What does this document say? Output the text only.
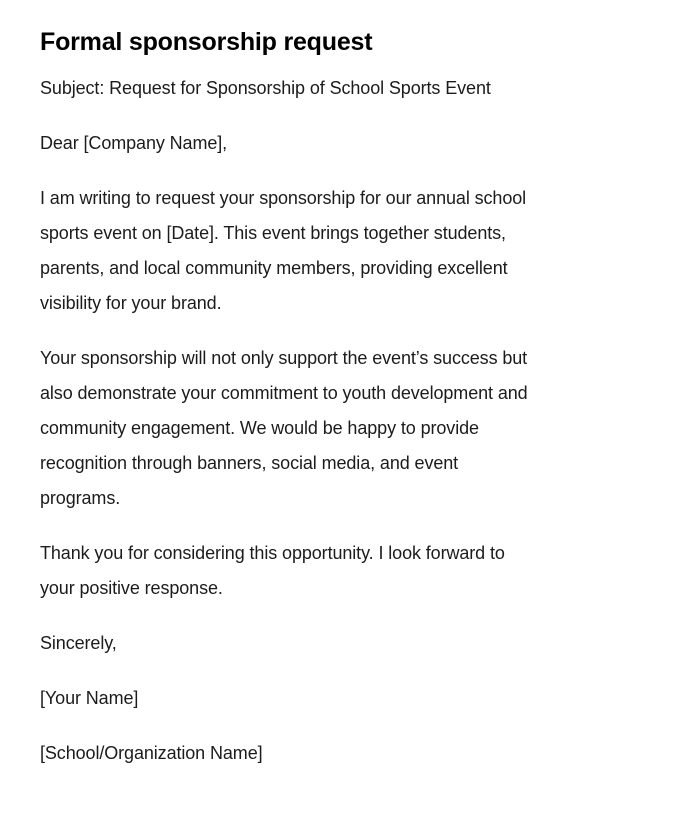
Formal sponsorship request
Subject: Request for Sponsorship of School Sports Event
Dear [Company Name],
I am writing to request your sponsorship for our annual school
sports event on [Date]. This event brings together students,
parents, and local community members, providing excellent
visibility for your brand.
Your sponsorship will not only support the event’s success but
also demonstrate your commitment to youth development and
community engagement. We would be happy to provide
recognition through banners, social media, and event
programs.
Thank you for considering this opportunity. I look forward to
your positive response.
Sincerely,
[Your Name]
[School/Organization Name]
